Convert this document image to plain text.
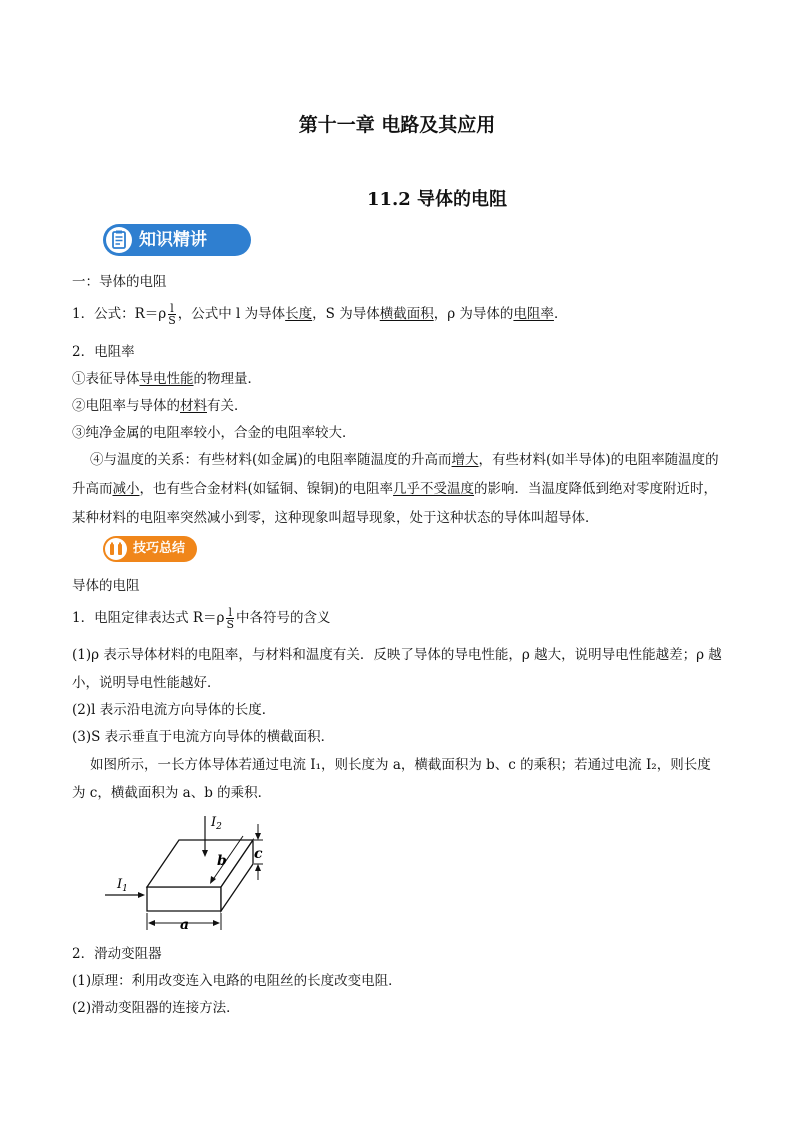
第十一章 电路及其应用
11.2 导体的电阻
知识精讲
一：导体的电阻
1．公式：$R=\rho \frac{l}{S}$ ，公式中 l 为导体长度，S 为导体横截面积，ρ 为导体的电阻率．
2．电阻率
①表征导体导电性能的物理量．
②电阻率与导体的材料有关．
③纯净金属的电阻率较小，合金的电阻率较大．
④与温度的关系：有些材料(如金属)的电阻率随温度的升高而增大，有些材料(如半导体)的电阻率随温度的升高而减小，也有些合金材料(如锰铜、镍铜)的电阻率几乎不受温度的影响．当温度降低到绝对零度附近时，某种材料的电阻率突然减小到零，这种现象叫超导现象，处于这种状态的导体叫超导体．
技巧总结
导体的电阻
1．电阻定律表达式 $R=\rho \frac{l}{S}$ 中各符号的含义
(1)ρ 表示导体材料的电阻率，与材料和温度有关．反映了导体的导电性能，ρ 越大，说明导电性能越差；ρ 越小，说明导电性能越好．
(2)l 表示沿电流方向导体的长度．
(3)S 表示垂直于电流方向导体的横截面积．
如图所示，一长方体导体若通过电流 I₁，则长度为 a，横截面积为 b、c 的乘积；若通过电流 I₂，则长度为 c，横截面积为 a、b 的乘积．
$I_1$
$I_2$
a
b c
2．滑动变阻器
(1)原理：利用改变连入电路的电阻丝的长度改变电阻．
(2)滑动变阻器的连接方法．
